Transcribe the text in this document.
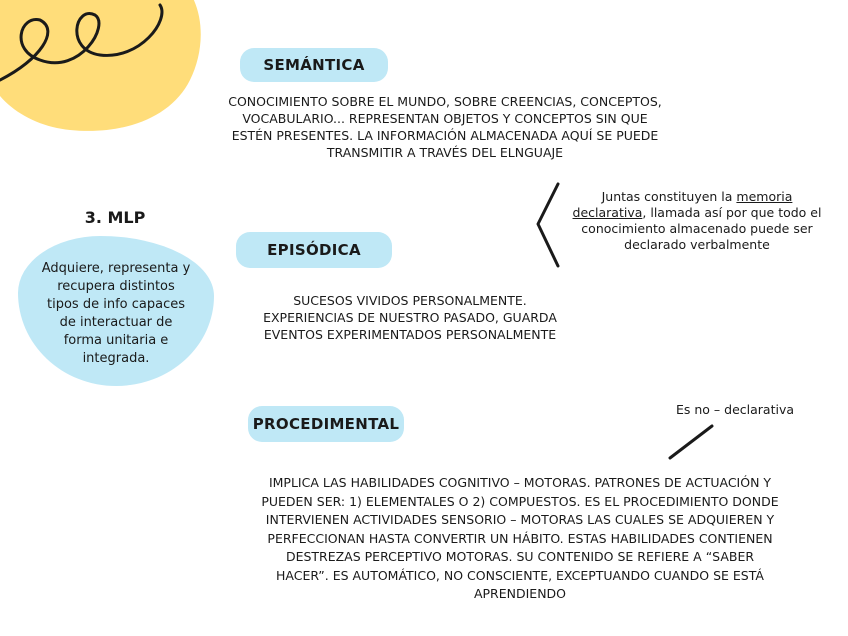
SEMÁNTICA
CONOCIMIENTO SOBRE EL MUNDO, SOBRE CREENCIAS, CONCEPTOS,
VOCABULARIO... REPRESENTAN OBJETOS Y CONCEPTOS SIN QUE
ESTÉN PRESENTES. LA INFORMACIÓN ALMACENADA AQUÍ SE PUEDE
TRANSMITIR A TRAVÉS DEL ELNGUAJE
3. MLP
Adquiere, representa y
recupera distintos
tipos de info capaces
de interactuar de
forma unitaria e
integrada.
EPISÓDICA
SUCESOS VIVIDOS PERSONALMENTE.
EXPERIENCIAS DE NUESTRO PASADO, GUARDA
EVENTOS EXPERIMENTADOS PERSONALMENTE
Juntas constituyen la memoria
declarativa, llamada así por que todo el
conocimiento almacenado puede ser
declarado verbalmente
Es no – declarativa
PROCEDIMENTAL
IMPLICA LAS HABILIDADES COGNITIVO – MOTORAS. PATRONES DE ACTUACIÓN Y
PUEDEN SER: 1) ELEMENTALES O 2) COMPUESTOS. ES EL PROCEDIMIENTO DONDE
INTERVIENEN ACTIVIDADES SENSORIO – MOTORAS LAS CUALES SE ADQUIEREN Y
PERFECCIONAN HASTA CONVERTIR UN HÁBITO. ESTAS HABILIDADES CONTIENEN
DESTREZAS PERCEPTIVO MOTORAS. SU CONTENIDO SE REFIERE A “SABER
HACER”. ES AUTOMÁTICO, NO CONSCIENTE, EXCEPTUANDO CUANDO SE ESTÁ
APRENDIENDO
